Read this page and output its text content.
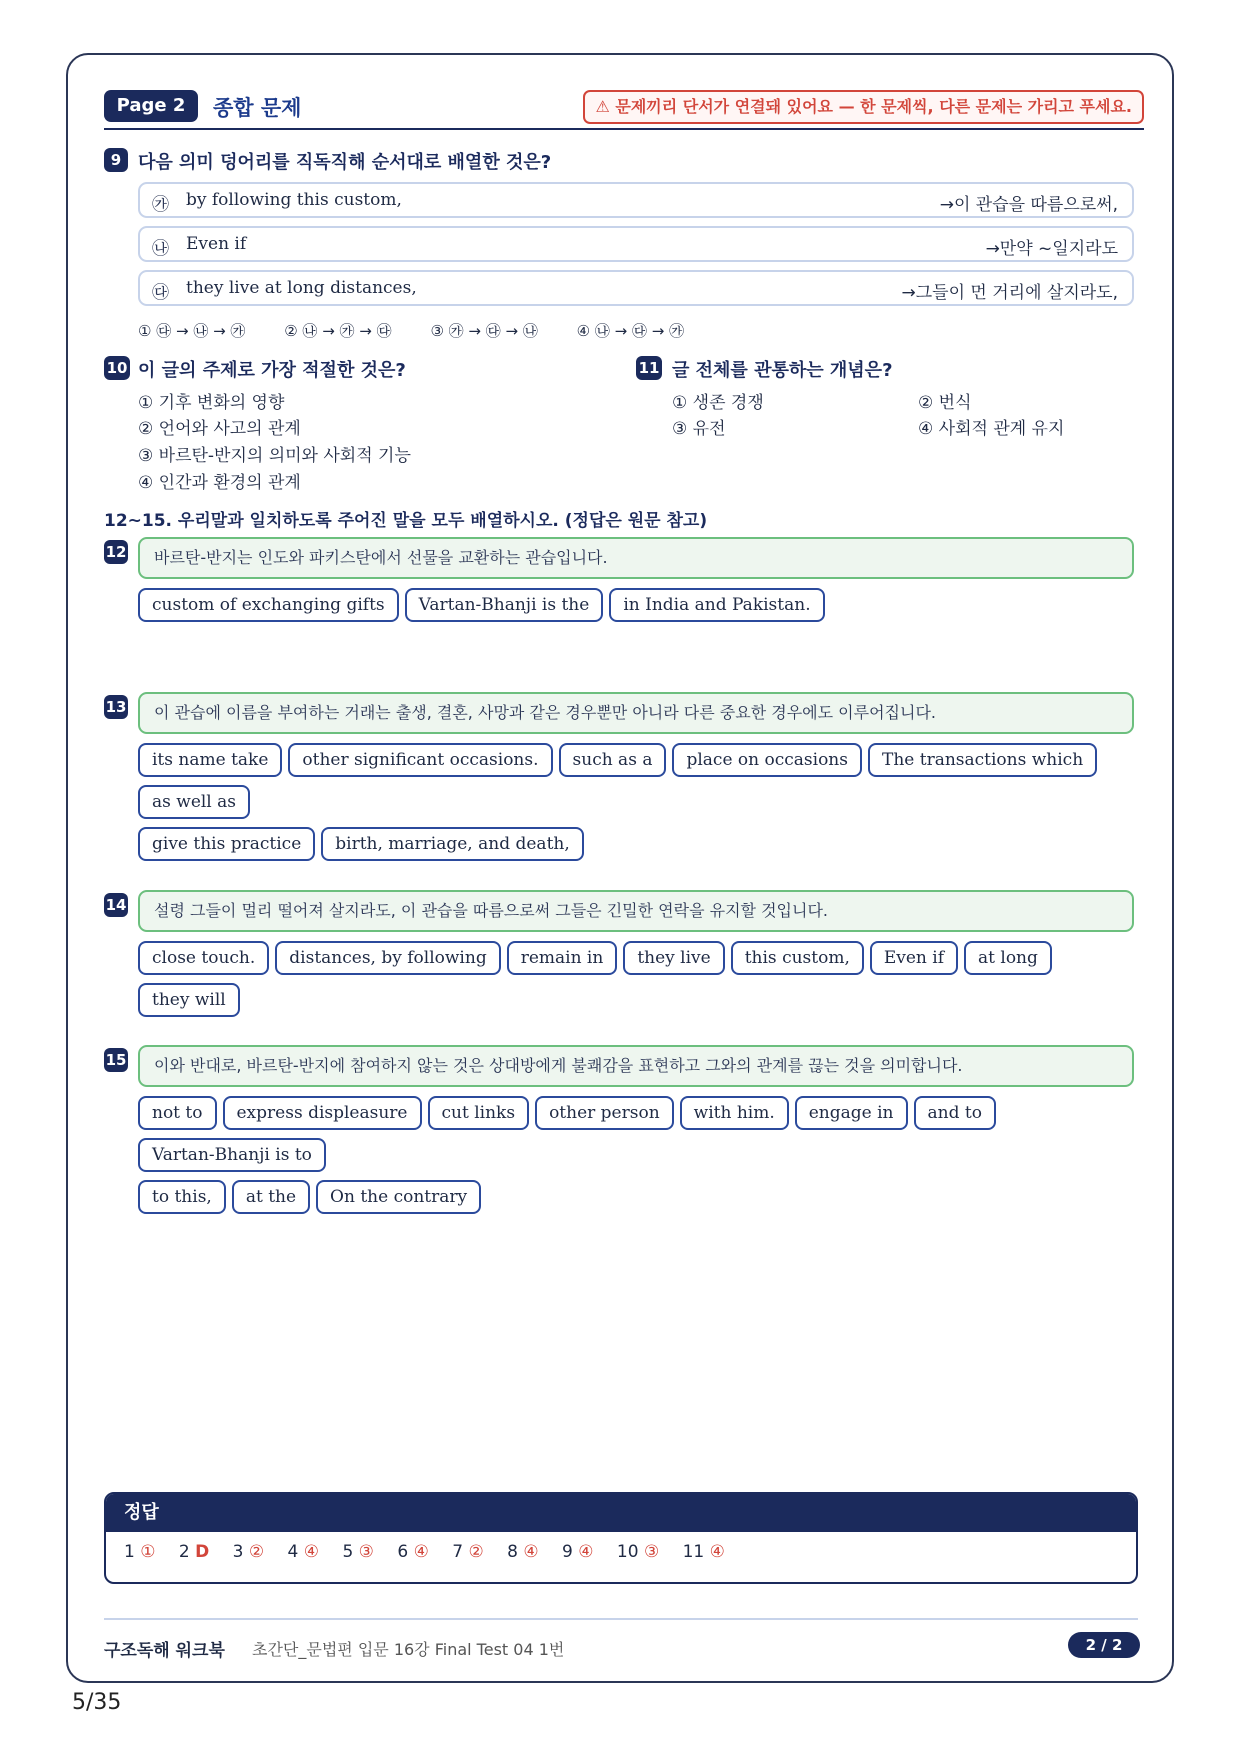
Page 2	종합 문제	⚠ 문제끼리 단서가 연결돼 있어요 — 한 문제씩, 다른 문제는 가리고 푸세요.
9 다음 의미 덩어리를 직독직해 순서대로 배열한 것은?
㉮ by following this custom,	→이 관습을 따름으로써,
㉯ Even if	→만약 ~일지라도
㉰ they live at long distances,	→그들이 먼 거리에 살지라도,
① ㉰ → ㉯ → ㉮	② ㉯ → ㉮ → ㉰	③ ㉮ → ㉰ → ㉯	④ ㉯ → ㉰ → ㉮
10 이 글의 주제로 가장 적절한 것은?
① 기후 변화의 영향
② 언어와 사고의 관계
③ 바르탄-반지의 의미와 사회적 기능
④ 인간과 환경의 관계
11 글 전체를 관통하는 개념은?
① 생존 경쟁	② 번식
③ 유전	④ 사회적 관계 유지
12~15. 우리말과 일치하도록 주어진 말을 모두 배열하시오. (정답은 원문 참고)
12	바르탄-반지는 인도와 파키스탄에서 선물을 교환하는 관습입니다.
custom of exchanging gifts Vartan-Bhanji is the in India and Pakistan.
13	이 관습에 이름을 부여하는 거래는 출생, 결혼, 사망과 같은 경우뿐만 아니라 다른 중요한 경우에도 이루어집니다.
its name take other significant occasions. such as a place on occasions The transactions whichas well as
give this practice birth, marriage, and death,
14	설령 그들이 멀리 떨어져 살지라도, 이 관습을 따름으로써 그들은 긴밀한 연락을 유지할 것입니다.
close touch. distances, by following remain in they live this custom, Even if at longthey will
15	이와 반대로, 바르탄-반지에 참여하지 않는 것은 상대방에게 불쾌감을 표현하고 그와의 관계를 끊는 것을 의미합니다.
not to express displeasure cut links other person with him. engage in and toVartan-Bhanji is to
to this, at the On the contrary
정답
1 ① 2 D 3 ② 4 ④ 5 ③ 6 ④ 7 ② 8 ④ 9 ④ 10 ③ 11 ④
구조독해 워크북 초간단_문법편 입문 16강 Final Test 04 1번	2 / 2
5/35
